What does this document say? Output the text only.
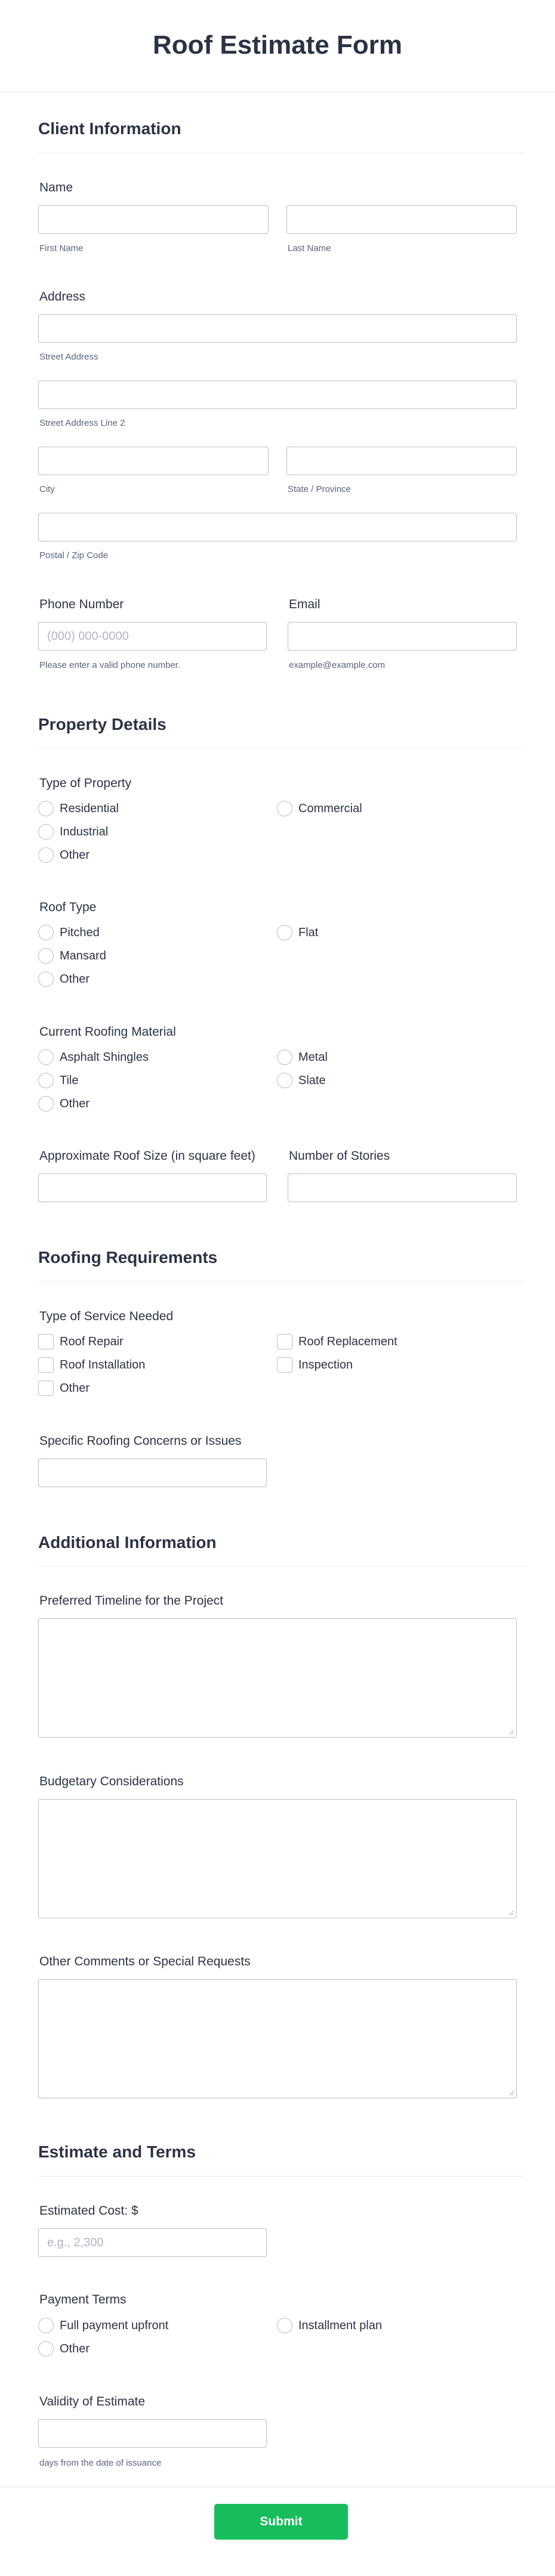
Roof Estimate Form
Client Information
Name
First Name	Last Name
Address
Street Address
Street Address Line 2
City	State / Province
Postal / Zip Code
Phone Number	Email
(000) 000-0000
Please enter a valid phone number.	example@example.com
Property Details
Type of Property
Residential	Commercial
Industrial
Other
Roof Type
Pitched	Flat
Mansard
Other
Current Roofing Material
Asphalt Shingles	Metal
Tile	Slate
Other
Approximate Roof Size (in square feet)	Number of Stories
Roofing Requirements
Type of Service Needed
Roof Repair	Roof Replacement
Roof Installation	Inspection
Other
Specific Roofing Concerns or Issues
Additional Information
Preferred Timeline for the Project
Budgetary Considerations
Other Comments or Special Requests
Estimate and Terms
Estimated Cost: $
e.g., 2,300
Payment Terms
Full payment upfront	Installment plan
Other
Validity of Estimate
days from the date of issuance
Submit
